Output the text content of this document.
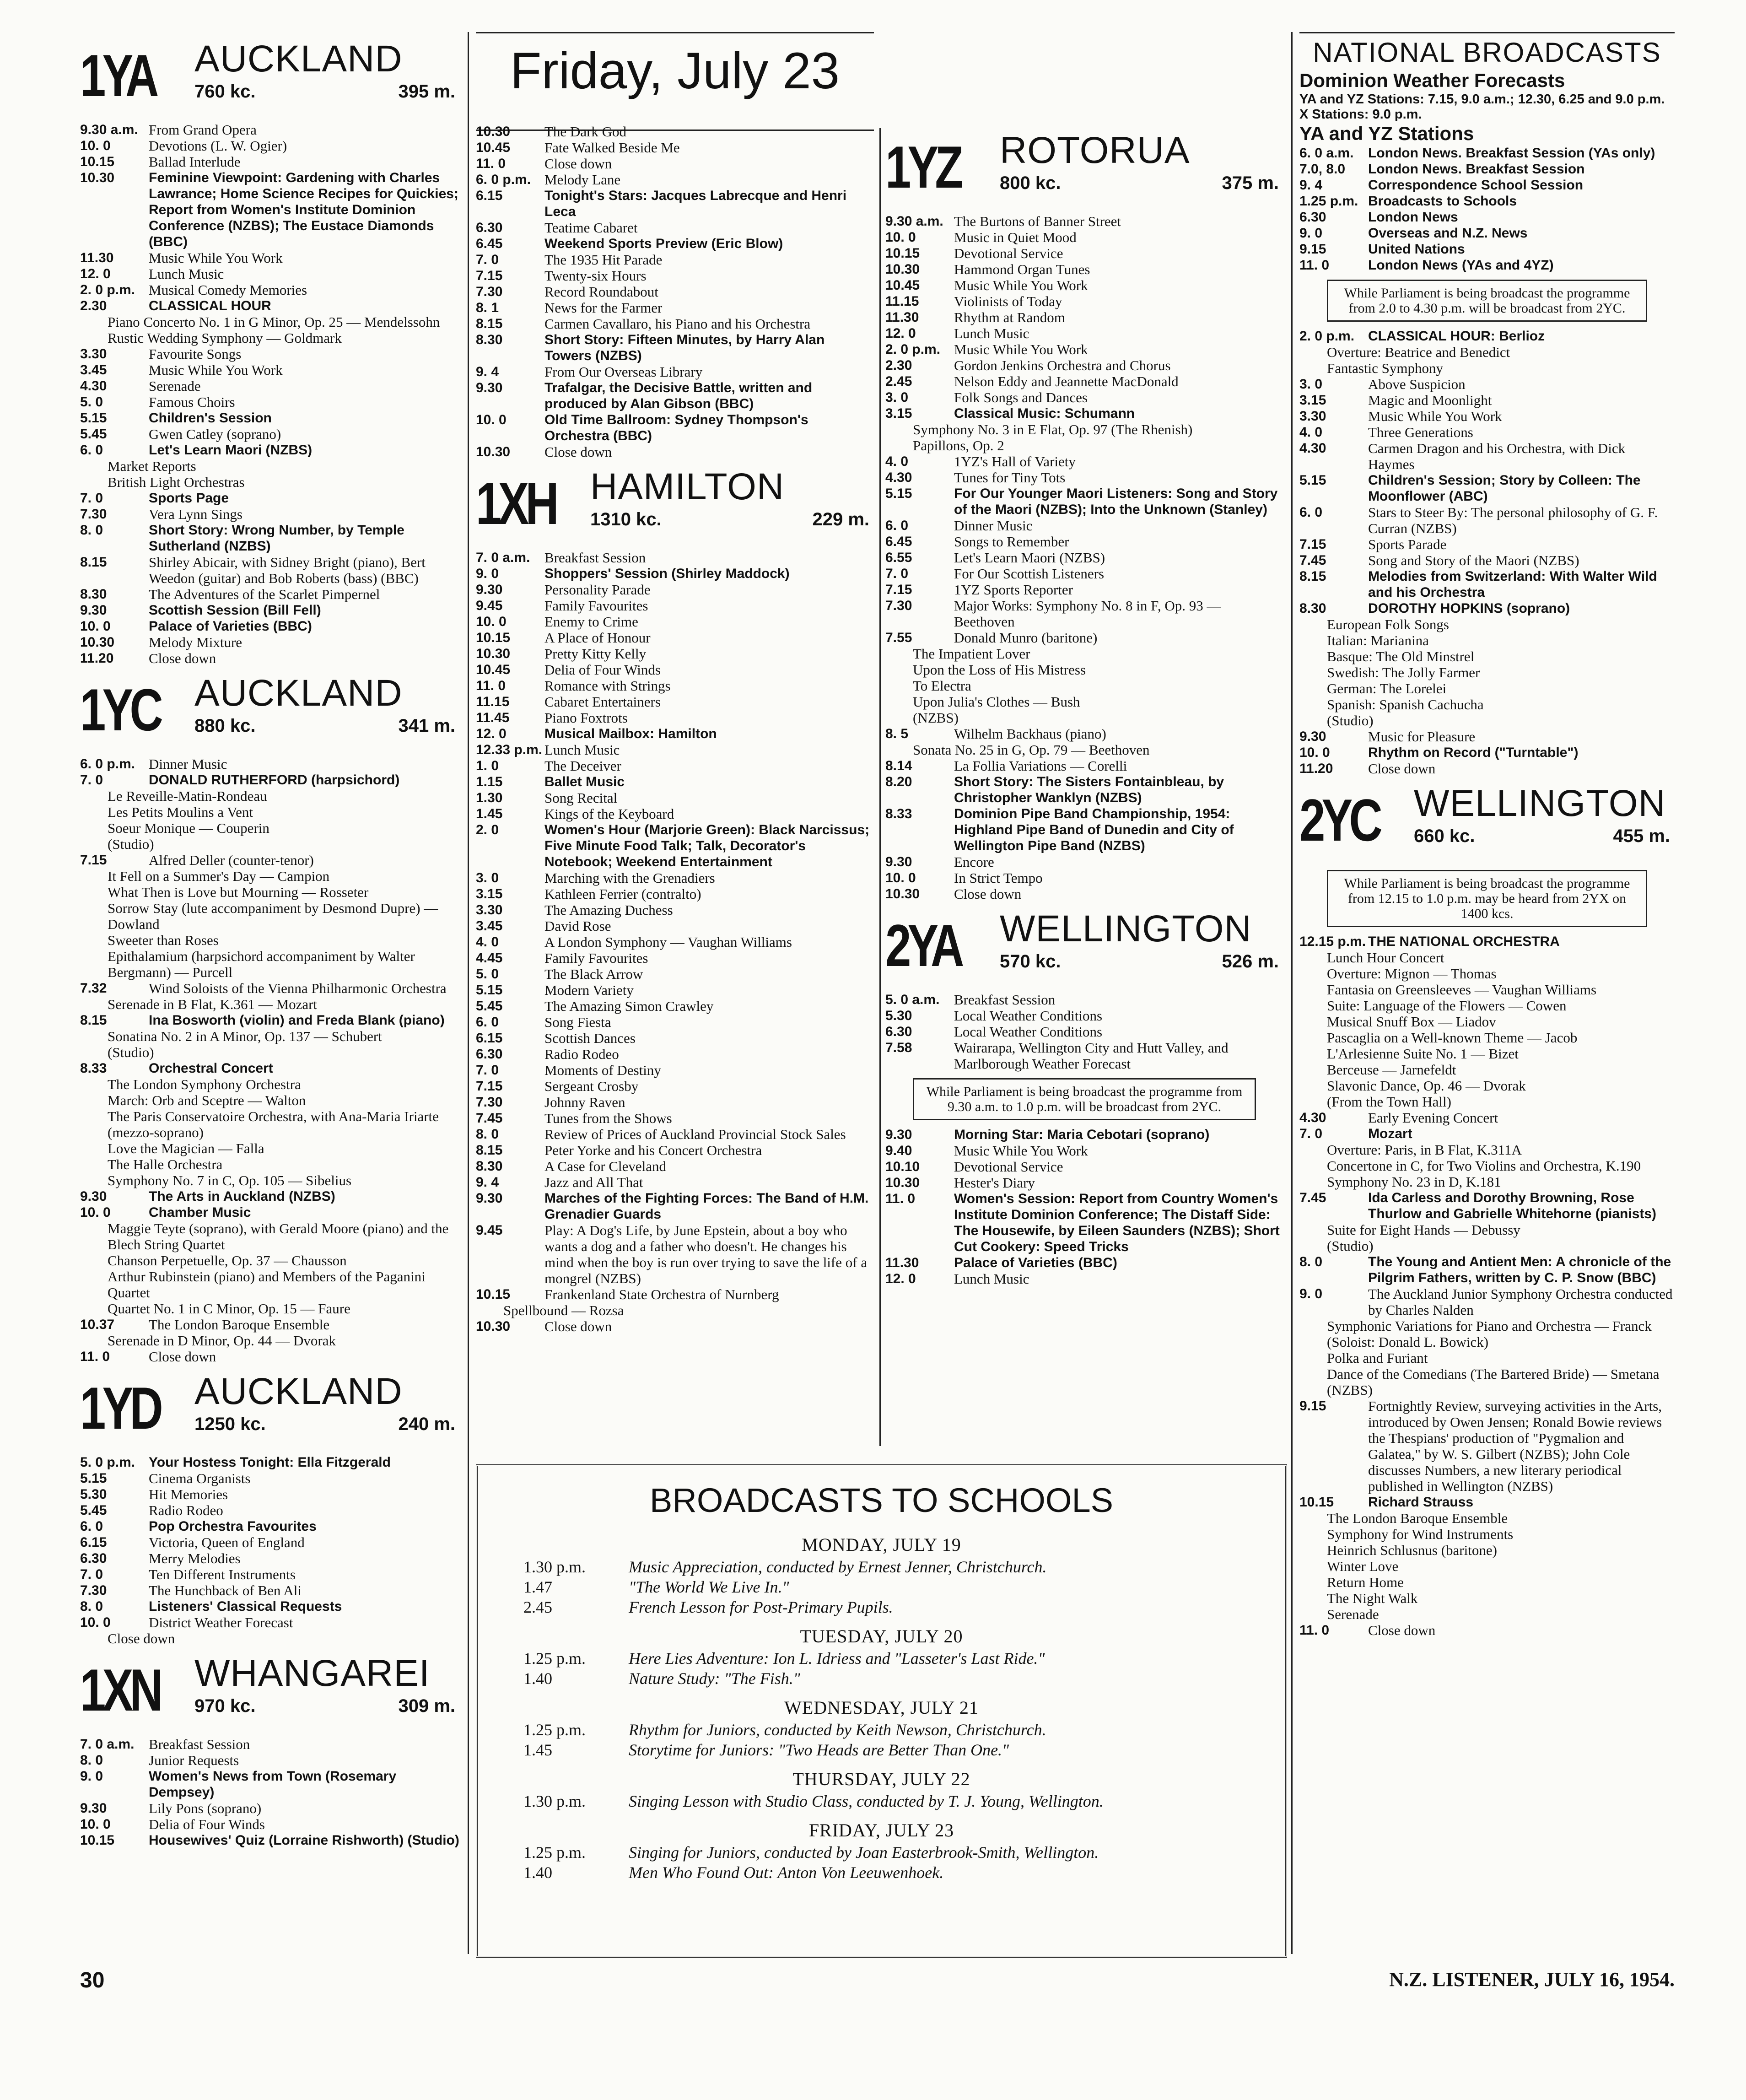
Friday, July 23
1YA AUCKLAND
760 kc.	395 m.
9.30 a.m. From Grand Opera
10. 0	Devotions (L. W. Ogier)
10.15	Ballad Interlude
10.30	Feminine Viewpoint: Gardening with Charles Lawrance; Home Science Recipes for Quickies; Report from Women's Institute Dominion Conference (NZBS); The Eustace Diamonds (BBC)
11.30	Music While You Work
12. 0	Lunch Music
2. 0 p.m. Musical Comedy Memories
2.30	CLASSICAL HOUR
Piano Concerto No. 1 in G Minor, Op. 25 — Mendelssohn
Rustic Wedding Symphony — Goldmark
3.30	Favourite Songs
3.45	Music While You Work
4.30	Serenade
5. 0	Famous Choirs
5.15	Children's Session
5.45	Gwen Catley (soprano)
6. 0	Let's Learn Maori (NZBS)
Market Reports
British Light Orchestras
7. 0	Sports Page
7.30	Vera Lynn Sings
8. 0	Short Story: Wrong Number, by Temple Sutherland (NZBS)
8.15	Shirley Abicair, with Sidney Bright (piano), Bert Weedon (guitar) and Bob Roberts (bass) (BBC)
8.30	The Adventures of the Scarlet Pimpernel
9.30	Scottish Session (Bill Fell)
10. 0	Palace of Varieties (BBC)
10.30	Melody Mixture
11.20	Close down
1YC AUCKLAND
880 kc.	341 m.
6. 0 p.m. Dinner Music
7. 0	DONALD RUTHERFORD (harpsichord)
Le Reveille-Matin-Rondeau
Les Petits Moulins a Vent
Soeur Monique — Couperin
(Studio)
7.15	Alfred Deller (counter-tenor)
It Fell on a Summer's Day — Campion
What Then is Love but Mourning — Rosseter
Sorrow Stay (lute accompaniment by Desmond Dupre) — Dowland
Sweeter than Roses
Epithalamium (harpsichord accompaniment by Walter Bergmann) — Purcell
7.32	Wind Soloists of the Vienna Philharmonic Orchestra
Serenade in B Flat, K.361 — Mozart
8.15	Ina Bosworth (violin) and Freda Blank (piano)
Sonatina No. 2 in A Minor, Op. 137 — Schubert
(Studio)
8.33	Orchestral Concert
The London Symphony Orchestra
March: Orb and Sceptre — Walton
The Paris Conservatoire Orchestra, with Ana-Maria Iriarte (mezzo-soprano)
Love the Magician — Falla
The Halle Orchestra
Symphony No. 7 in C, Op. 105 — Sibelius
9.30	The Arts in Auckland (NZBS)
10. 0	Chamber Music
Maggie Teyte (soprano), with Gerald Moore (piano) and the Blech String Quartet
Chanson Perpetuelle, Op. 37 — Chausson
Arthur Rubinstein (piano) and Members of the Paganini Quartet
Quartet No. 1 in C Minor, Op. 15 — Faure
10.37	The London Baroque Ensemble
Serenade in D Minor, Op. 44 — Dvorak
11. 0	Close down
1YD AUCKLAND
1250 kc.	240 m.
5. 0 p.m. Your Hostess Tonight: Ella Fitzgerald
5.15	Cinema Organists
5.30	Hit Memories
5.45	Radio Rodeo
6. 0	Pop Orchestra Favourites
6.15	Victoria, Queen of England
6.30	Merry Melodies
7. 0	Ten Different Instruments
7.30	The Hunchback of Ben Ali
8. 0	Listeners' Classical Requests
10. 0	District Weather Forecast
Close down
1XN WHANGAREI
970 kc.	309 m.
7. 0 a.m.	Breakfast Session
8. 0	Junior Requests
9. 0	Women's News from Town (Rosemary Dempsey)
9.30	Lily Pons (soprano)
10. 0	Delia of Four Winds
10.15	Housewives' Quiz (Lorraine Rishworth) (Studio)
10.30	The Dark God
10.45	Fate Walked Beside Me
11. 0	Close down
6. 0 p.m. Melody Lane
6.15	Tonight's Stars: Jacques Labrecque and Henri Leca
6.30	Teatime Cabaret
6.45	Weekend Sports Preview (Eric Blow)
7. 0	The 1935 Hit Parade
7.15	Twenty-six Hours
7.30	Record Roundabout
8. 1	News for the Farmer
8.15	Carmen Cavallaro, his Piano and his Orchestra
8.30	Short Story: Fifteen Minutes, by Harry Alan Towers (NZBS)
9. 4	From Our Overseas Library
9.30	Trafalgar, the Decisive Battle, written and produced by Alan Gibson (BBC)
10. 0	Old Time Ballroom: Sydney Thompson's Orchestra (BBC)
10.30	Close down
1XH HAMILTON
1310 kc.	229 m.
7. 0 a.m.	Breakfast Session
9. 0	Shoppers' Session (Shirley Maddock)
9.30	Personality Parade
9.45	Family Favourites
10. 0	Enemy to Crime
10.15	A Place of Honour
10.30	Pretty Kitty Kelly
10.45	Delia of Four Winds
11. 0	Romance with Strings
11.15	Cabaret Entertainers
11.45	Piano Foxtrots
12. 0	Musical Mailbox: Hamilton
12.33 p.m. Lunch Music
1. 0	The Deceiver
1.15	Ballet Music
1.30	Song Recital
1.45	Kings of the Keyboard
2. 0	Women's Hour (Marjorie Green): Black Narcissus; Five Minute Food Talk; Talk, Decorator's Notebook; Weekend Entertainment
3. 0	Marching with the Grenadiers
3.15	Kathleen Ferrier (contralto)
3.30	The Amazing Duchess
3.45	David Rose
4. 0	A London Symphony — Vaughan Williams
4.45	Family Favourites
5. 0	The Black Arrow
5.15	Modern Variety
5.45	The Amazing Simon Crawley
6. 0	Song Fiesta
6.15	Scottish Dances
6.30	Radio Rodeo
7. 0	Moments of Destiny
7.15	Sergeant Crosby
7.30	Johnny Raven
7.45	Tunes from the Shows
8. 0	Review of Prices of Auckland Provincial Stock Sales
8.15	Peter Yorke and his Concert Orchestra
8.30	A Case for Cleveland
9. 4	Jazz and All That
9.30	Marches of the Fighting Forces: The Band of H.M. Grenadier Guards
9.45	Play: A Dog's Life, by June Epstein, about a boy who wants a dog and a father who doesn't. He changes his mind when the boy is run over trying to save the life of a mongrel (NZBS)
10.15	Frankenland State Orchestra of Nurnberg
Spellbound — Rozsa
10.30	Close down
1YZ ROTORUA
800 kc.	375 m.
9.30 a.m. The Burtons of Banner Street
10. 0	Music in Quiet Mood
10.15	Devotional Service
10.30	Hammond Organ Tunes
10.45	Music While You Work
11.15	Violinists of Today
11.30	Rhythm at Random
12. 0	Lunch Music
2. 0 p.m. Music While You Work
2.30	Gordon Jenkins Orchestra and Chorus
2.45	Nelson Eddy and Jeannette MacDonald
3. 0	Folk Songs and Dances
3.15	Classical Music: Schumann
Symphony No. 3 in E Flat, Op. 97 (The Rhenish)
Papillons, Op. 2
4. 0	1YZ's Hall of Variety
4.30	Tunes for Tiny Tots
5.15	For Our Younger Maori Listeners: Song and Story of the Maori (NZBS); Into the Unknown (Stanley)
6. 0	Dinner Music
6.45	Songs to Remember
6.55	Let's Learn Maori (NZBS)
7. 0	For Our Scottish Listeners
7.15	1YZ Sports Reporter
7.30	Major Works: Symphony No. 8 in F, Op. 93 — Beethoven
7.55	Donald Munro (baritone)
The Impatient Lover
Upon the Loss of His Mistress
To Electra
Upon Julia's Clothes — Bush
(NZBS)
8. 5	Wilhelm Backhaus (piano)
Sonata No. 25 in G, Op. 79 — Beethoven
8.14	La Follia Variations — Corelli
8.20	Short Story: The Sisters Fontainbleau, by Christopher Wanklyn (NZBS)
8.33	Dominion Pipe Band Championship, 1954: Highland Pipe Band of Dunedin and City of Wellington Pipe Band (NZBS)
9.30	Encore
10. 0	In Strict Tempo
10.30	Close down
2YA WELLINGTON
570 kc.	526 m.
5. 0 a.m.	Breakfast Session
5.30	Local Weather Conditions
6.30	Local Weather Conditions
7.58	Wairarapa, Wellington City and Hutt Valley, and Marlborough Weather Forecast
While Parliament is being broadcast the programme from 9.30 a.m. to 1.0 p.m. will be broadcast from 2YC.
9.30	Morning Star: Maria Cebotari (soprano)
9.40	Music While You Work
10.10	Devotional Service
10.30	Hester's Diary
11. 0	Women's Session: Report from Country Women's Institute Dominion Conference; The Distaff Side: The Housewife, by Eileen Saunders (NZBS); Short Cut Cookery: Speed Tricks
11.30	Palace of Varieties (BBC)
12. 0	Lunch Music
NATIONAL BROADCASTS
Dominion Weather Forecasts
YA and YZ Stations: 7.15, 9.0 a.m.; 12.30, 6.25 and 9.0 p.m.
X Stations: 9.0 p.m.
YA and YZ Stations
6. 0 a.m.	London News. Breakfast Session (YAs only)
7.0, 8.0	London News. Breakfast Session
9. 4	Correspondence School Session
1.25 p.m. Broadcasts to Schools
6.30	London News
9. 0	Overseas and N.Z. News
9.15	United Nations
11. 0	London News (YAs and 4YZ)
While Parliament is being broadcast the programme from 2.0 to 4.30 p.m. will be broadcast from 2YC.
2. 0 p.m. CLASSICAL HOUR: Berlioz
Overture: Beatrice and Benedict
Fantastic Symphony
3. 0	Above Suspicion
3.15	Magic and Moonlight
3.30	Music While You Work
4. 0	Three Generations
4.30	Carmen Dragon and his Orchestra, with Dick Haymes
5.15	Children's Session; Story by Colleen: The Moonflower (ABC)
6. 0	Stars to Steer By: The personal philosophy of G. F. Curran (NZBS)
7.15	Sports Parade
7.45	Song and Story of the Maori (NZBS)
8.15	Melodies from Switzerland: With Walter Wild and his Orchestra
8.30	DOROTHY HOPKINS (soprano)
European Folk Songs
Italian: Marianina
Basque: The Old Minstrel
Swedish: The Jolly Farmer
German: The Lorelei
Spanish: Spanish Cachucha
(Studio)
9.30	Music for Pleasure
10. 0	Rhythm on Record ("Turntable")
11.20	Close down
2YC WELLINGTON
660 kc.	455 m.
While Parliament is being broadcast the programme from 12.15 to 1.0 p.m. may be heard from 2YX on 1400 kcs.
12.15 p.m. THE NATIONAL ORCHESTRA
Lunch Hour Concert
Overture: Mignon — Thomas
Fantasia on Greensleeves — Vaughan Williams
Suite: Language of the Flowers — Cowen
Musical Snuff Box — Liadov
Pascaglia on a Well-known Theme — Jacob
L'Arlesienne Suite No. 1 — Bizet
Berceuse — Jarnefeldt
Slavonic Dance, Op. 46 — Dvorak
(From the Town Hall)
4.30	Early Evening Concert
7. 0	Mozart
Overture: Paris, in B Flat, K.311A
Concertone in C, for Two Violins and Orchestra, K.190
Symphony No. 23 in D, K.181
7.45	Ida Carless and Dorothy Browning, Rose Thurlow and Gabrielle Whitehorne (pianists)
Suite for Eight Hands — Debussy
(Studio)
8. 0	The Young and Antient Men: A chronicle of the Pilgrim Fathers, written by C. P. Snow (BBC)
9. 0	The Auckland Junior Symphony Orchestra conducted by Charles Nalden
Symphonic Variations for Piano and Orchestra — Franck
(Soloist: Donald L. Bowick)
Polka and Furiant
Dance of the Comedians (The Bartered Bride) — Smetana
(NZBS)
9.15	Fortnightly Review, surveying activities in the Arts, introduced by Owen Jensen; Ronald Bowie reviews the Thespians' production of "Pygmalion and Galatea," by W. S. Gilbert (NZBS); John Cole discusses Numbers, a new literary periodical published in Wellington (NZBS)
10.15	Richard Strauss
The London Baroque Ensemble
Symphony for Wind Instruments
Heinrich Schlusnus (baritone)
Winter Love
Return Home
The Night Walk
Serenade
11. 0	Close down
BROADCASTS TO SCHOOLS
MONDAY, JULY 19
1.30 p.m.	Music Appreciation, conducted by Ernest Jenner, Christchurch.
1.47	"The World We Live In."
2.45	French Lesson for Post-Primary Pupils.
TUESDAY, JULY 20
1.25 p.m.	Here Lies Adventure: Ion L. Idriess and "Lasseter's Last Ride."
1.40	Nature Study: "The Fish."
WEDNESDAY, JULY 21
1.25 p.m.	Rhythm for Juniors, conducted by Keith Newson, Christchurch.
1.45	Storytime for Juniors: "Two Heads are Better Than One."
THURSDAY, JULY 22
1.30 p.m.	Singing Lesson with Studio Class, conducted by T. J. Young, Wellington.
FRIDAY, JULY 23
1.25 p.m.	Singing for Juniors, conducted by Joan Easterbrook-Smith, Wellington.
1.40	Men Who Found Out: Anton Von Leeuwenhoek.
30	N.Z. LISTENER, JULY 16, 1954.
